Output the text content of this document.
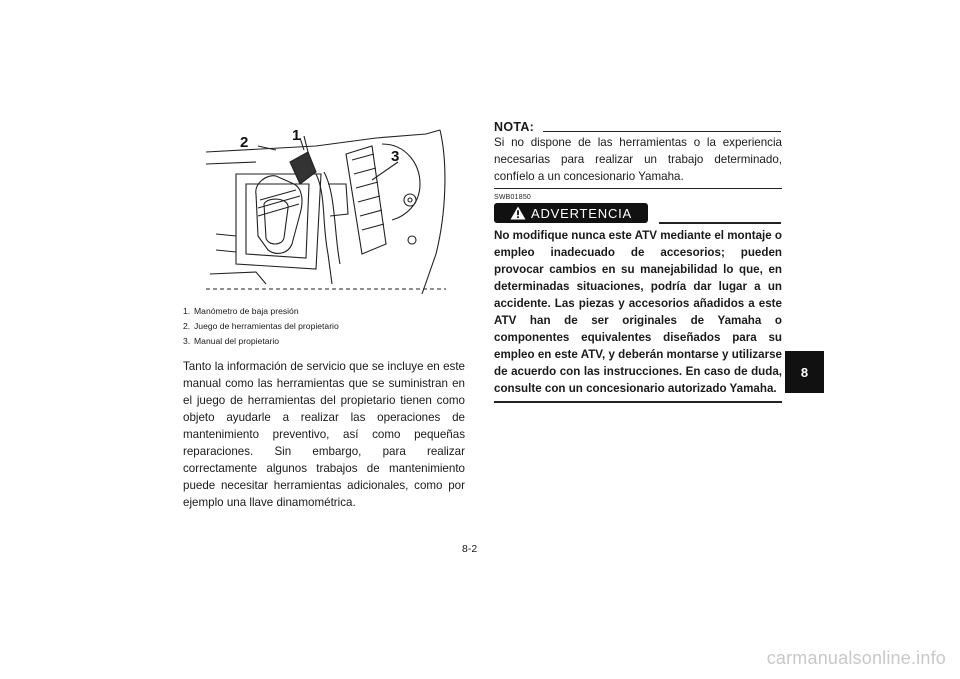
2	1
3
1. Manómetro de baja presión
2. Juego de herramientas del propietario
3. Manual del propietario

Tanto la información de servicio que se incluye en este manual como las herramientas que se suministran en el juego de herramientas del propietario tienen como objeto ayudarle a realizar las operaciones de mantenimiento preventivo, así como pequeñas reparaciones. Sin embargo, para realizar correctamente algunos trabajos de mantenimiento puede necesitar herramientas adicionales, como por ejemplo una llave dinamométrica.

NOTA:

Si no dispone de las herramientas o la experiencia necesarias para realizar un trabajo determinado, confíelo a un concesionario Yamaha.

SWB01850
ADVERTENCIA

No modifique nunca este ATV mediante el montaje o empleo inadecuado de accesorios; pueden provocar cambios en su manejabilidad lo que, en determinadas situaciones, podría dar lugar a un accidente. Las piezas y accesorios añadidos a este ATV han de ser originales de Yamaha o componentes equivalentes diseñados para su empleo en este ATV, y deberán montarse y utilizarse de acuerdo con las instrucciones. En caso de duda, consulte con un concesionario autorizado Yamaha.

8-2
8
carmanualsonline.info
